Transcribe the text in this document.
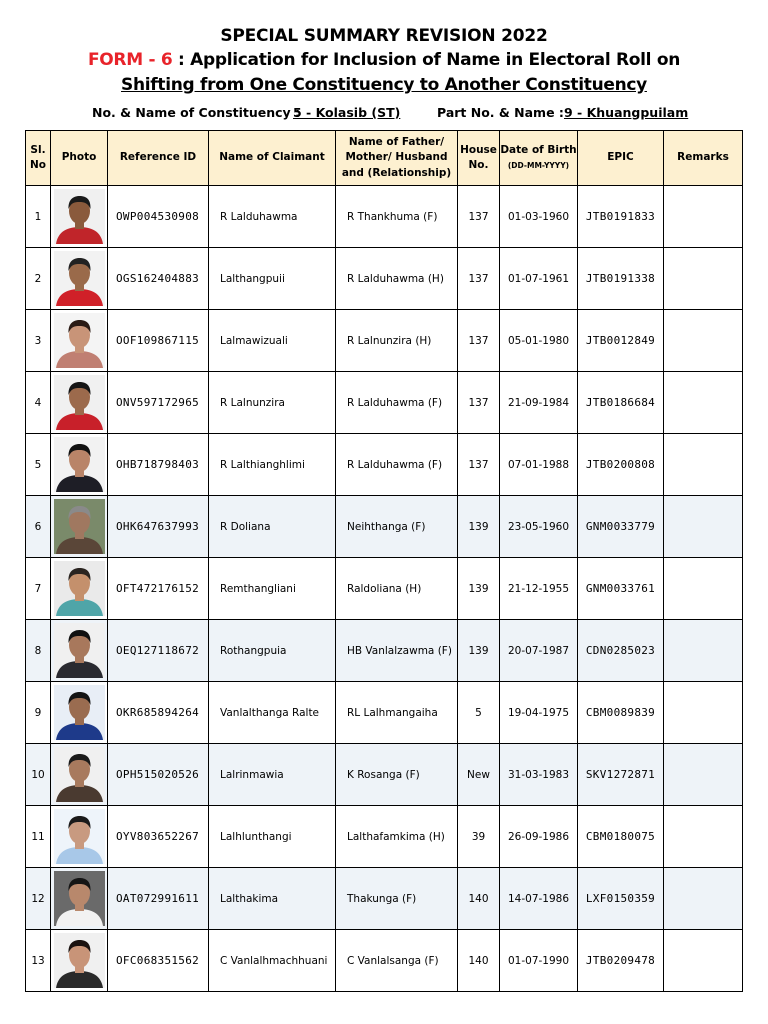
SPECIAL SUMMARY REVISION 2022
FORM - 6 : Application for Inclusion of Name in Electoral Roll on
Shifting from One Constituency to Another Constituency
No. & Name of Constituency :
5 - Kolasib (ST)	Part No. & Name : 9 - Khuangpuilam
Sl.
No	Photo	Reference ID	Name of Claimant	Name of Father/
Mother/ Husband
and (Relationship)	House
No.	Date of Birth
(DD-MM-YYYY)	EPIC	Remarks
1		OWP004530908	R Lalduhawma	R Thankhuma (F)	137	01-03-1960	JTB0191833	
2		OGS162404883	Lalthangpuii	R Lalduhawma (H)	137	01-07-1961	JTB0191338	
3		OOF109867115	Lalmawizuali	R Lalnunzira (H)	137	05-01-1980	JTB0012849	
4		ONV597172965	R Lalnunzira	R Lalduhawma (F)	137	21-09-1984	JTB0186684	
5		OHB718798403	R Lalthianghlimi	R Lalduhawma (F)	137	07-01-1988	JTB0200808	
6		OHK647637993	R Doliana	Neihthanga (F)	139	23-05-1960	GNM0033779	
7		OFT472176152	Remthangliani	Raldoliana (H)	139	21-12-1955	GNM0033761	
8		OEQ127118672	Rothangpuia	HB Vanlalzawma (F)	139	20-07-1987	CDN0285023	
9		OKR685894264	Vanlalthanga Ralte	RL Lalhmangaiha	5	19-04-1975	CBM0089839	
10		OPH515020526	Lalrinmawia	K Rosanga (F)	New	31-03-1983	SKV1272871	
11		OYV803652267	Lalhlunthangi	Lalthafamkima (H)	39	26-09-1986	CBM0180075	
12		OAT072991611	Lalthakima	Thakunga (F)	140	14-07-1986	LXF0150359	
13		OFC068351562	C Vanlalhmachhuani	C Vanlalsanga (F)	140	01-07-1990	JTB0209478	
